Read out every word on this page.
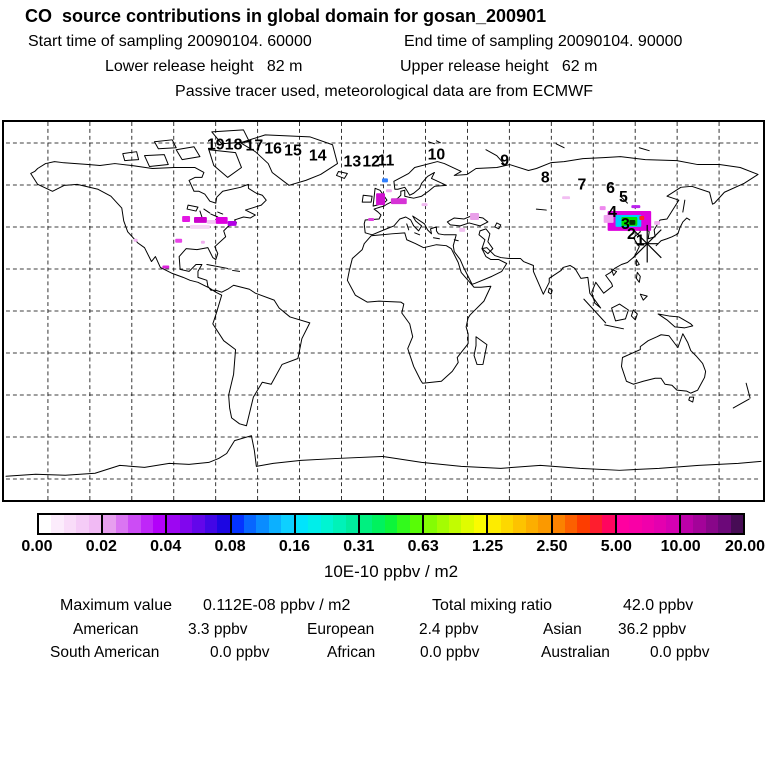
CO  source contributions in global domain for gosan_200901
Start time of sampling 20090104. 60000	End time of sampling 20090104. 90000
Lower release height   82 m	Upper release height   62 m
Passive tracer used, meteorological data are from ECMWF
19 18 17 16 15 14 13 12
11 10	9
8 7 6
5
4
3
2 1
0.00 0.02 0.04 0.08 0.16 0.31 0.63 1.25 2.50 5.00 10.00 20.00
10E-10 ppbv / m2
Maximum value 0.112E-08 ppbv / m2	Total mixing ratio	42.0 ppbv
American	3.3 ppbv	European	2.4 ppbv	Asian 36.2 ppbv
South American	0.0 ppbv	African	0.0 ppbv	Australian	0.0 ppbv
